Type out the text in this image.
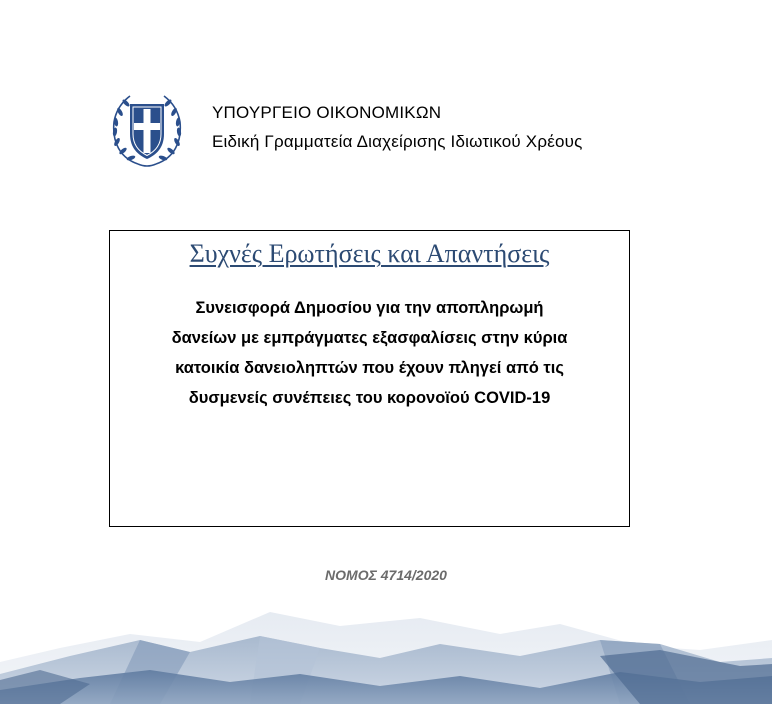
ΥΠΟΥΡΓΕΙΟ ΟΙΚΟΝΟΜΙΚΩΝ
Ειδική Γραμματεία Διαχείρισης Ιδιωτικού Χρέους
Συχνές Ερωτήσεις και Απαντήσεις
Συνεισφορά Δημοσίου για την αποπληρωμή
δανείων με εμπράγματες εξασφαλίσεις στην κύρια
κατοικία δανειοληπτών που έχουν πληγεί από τις
δυσμενείς συνέπειες του κορονοϊού COVID-19
ΝΟΜΟΣ 4714/2020
